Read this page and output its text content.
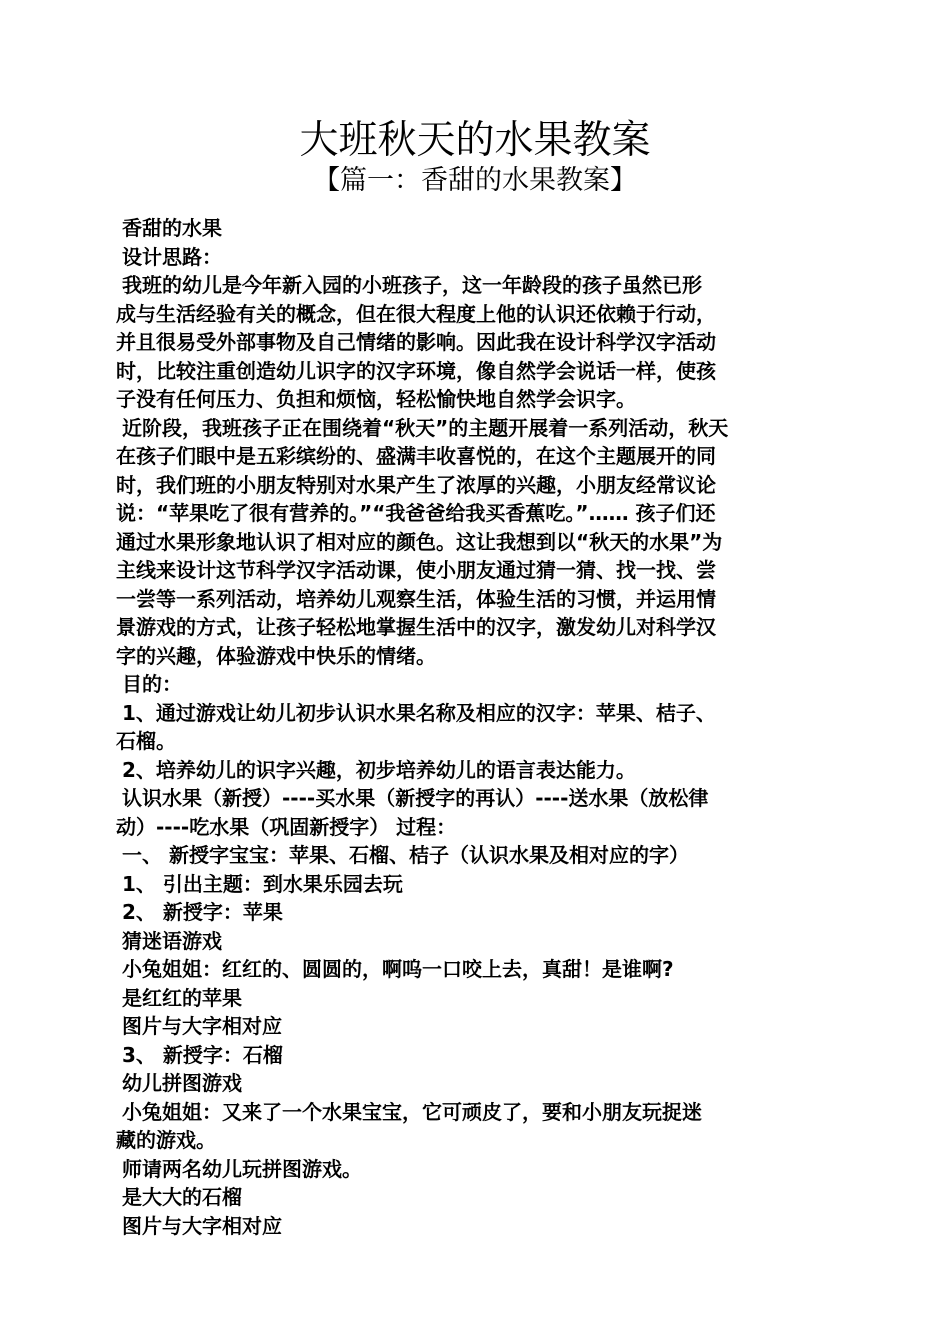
大班秋天的水果教案
【篇一：香甜的水果教案】
香甜的水果
设计思路：
我班的幼儿是今年新入园的小班孩子，这一年龄段的孩子虽然已形
成与生活经验有关的概念，但在很大程度上他的认识还依赖于行动，
并且很易受外部事物及自己情绪的影响。因此我在设计科学汉字活动
时，比较注重创造幼儿识字的汉字环境，像自然学会说话一样，使孩
子没有任何压力、负担和烦恼，轻松愉快地自然学会识字。
近阶段，我班孩子正在围绕着“秋天”的主题开展着一系列活动，秋天
在孩子们眼中是五彩缤纷的、盛满丰收喜悦的，在这个主题展开的同
时，我们班的小朋友特别对水果产生了浓厚的兴趣，小朋友经常议论
说：“苹果吃了很有营养的。”“我爸爸给我买香蕉吃。”…… 孩子们还
通过水果形象地认识了相对应的颜色。这让我想到以“秋天的水果”为
主线来设计这节科学汉字活动课，使小朋友通过猜一猜、找一找、尝
一尝等一系列活动，培养幼儿观察生活，体验生活的习惯，并运用情
景游戏的方式，让孩子轻松地掌握生活中的汉字，激发幼儿对科学汉
字的兴趣，体验游戏中快乐的情绪。
目的：
1、通过游戏让幼儿初步认识水果名称及相应的汉字：苹果、桔子、
石榴。
2、培养幼儿的识字兴趣，初步培养幼儿的语言表达能力。
认识水果（新授）----买水果（新授字的再认）----送水果（放松律
动）----吃水果（巩固新授字） 过程：
一、 新授字宝宝：苹果、石榴、桔子（认识水果及相对应的字）
1、 引出主题：到水果乐园去玩
2、 新授字：苹果
猜迷语游戏
小兔姐姐：红红的、圆圆的，啊呜一口咬上去，真甜！是谁啊?
是红红的苹果
图片与大字相对应
3、 新授字：石榴
幼儿拼图游戏
小兔姐姐：又来了一个水果宝宝，它可顽皮了，要和小朋友玩捉迷
藏的游戏。
师请两名幼儿玩拼图游戏。
是大大的石榴
图片与大字相对应
